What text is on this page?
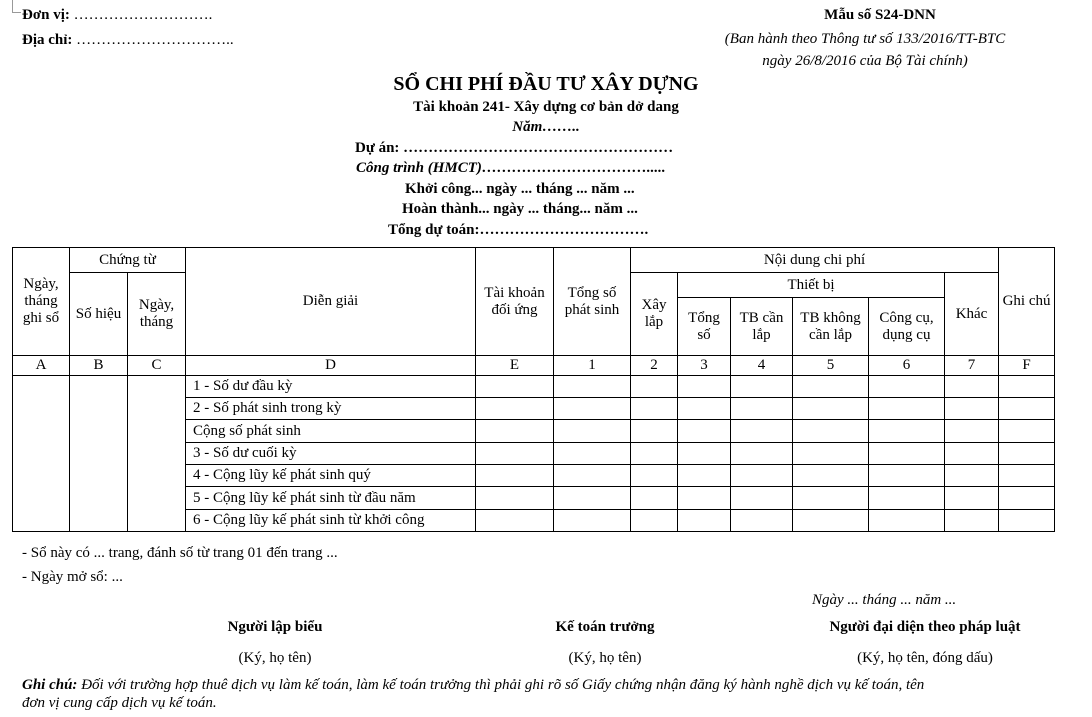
Đơn vị: ……………………….
Địa chỉ: …………………………..
Mẫu số S24-DNN
(Ban hành theo Thông tư số 133/2016/TT-BTC
ngày 26/8/2016 của Bộ Tài chính)
SỔ CHI PHÍ ĐẦU TƯ XÂY DỰNG
Tài khoản 241- Xây dựng cơ bản dở dang
Năm……..
Dự án: ………………………………………………
Công trình (HMCT)…………………………….....
Khởi công... ngày ... tháng ... năm ...
Hoàn thành... ngày ... tháng... năm ...
Tổng dự toán:…………………………….
Ngày, tháng ghi sổ	Chứng từ		Diễn giải	Tài khoản đối ứng	Tổng số phát sinh	Nội dung chi phí						Ghi chú
	Số hiệu	Ngày, tháng				Xây lắp	Thiết bị				Khác	
							Tổng số	TB cần lắp	TB không cần lắp	Công cụ, dụng cụ		
A	B	C	D	E	1	2	3	4	5	6	7	F
			1 - Số dư đầu kỳ									
			2 - Số phát sinh trong kỳ									
			Cộng số phát sinh									
			3 - Số dư cuối kỳ									
			4 - Cộng lũy kế phát sinh quý									
			5 - Cộng lũy kế phát sinh từ đầu năm									
			6 - Cộng lũy kế phát sinh từ khởi công									
- Sổ này có ... trang, đánh số từ trang 01 đến trang ...
- Ngày mở sổ: ...
Ngày ... tháng ... năm ...
Người lập biểu
(Ký, họ tên)
Kế toán trưởng
(Ký, họ tên)
Người đại diện theo pháp luật
(Ký, họ tên, đóng dấu)
Ghi chú: Đối với trường hợp thuê dịch vụ làm kế toán, làm kế toán trưởng thì phải ghi rõ số Giấy chứng nhận đăng ký hành nghề dịch vụ kế toán, tên
đơn vị cung cấp dịch vụ kế toán.
